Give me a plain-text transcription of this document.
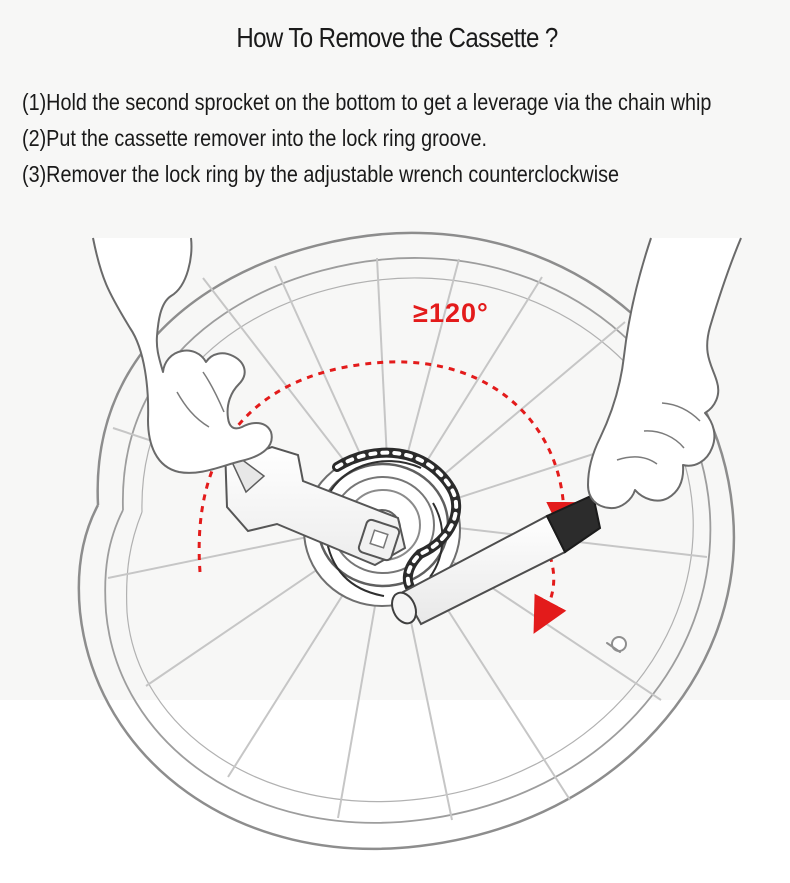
How To Remove the Cassette ?
(1)Hold the second sprocket on the bottom to get a leverage via the chain whip
(2)Put the cassette remover into the lock ring groove.
(3)Remover the lock ring by the adjustable wrench counterclockwise
≥120°
